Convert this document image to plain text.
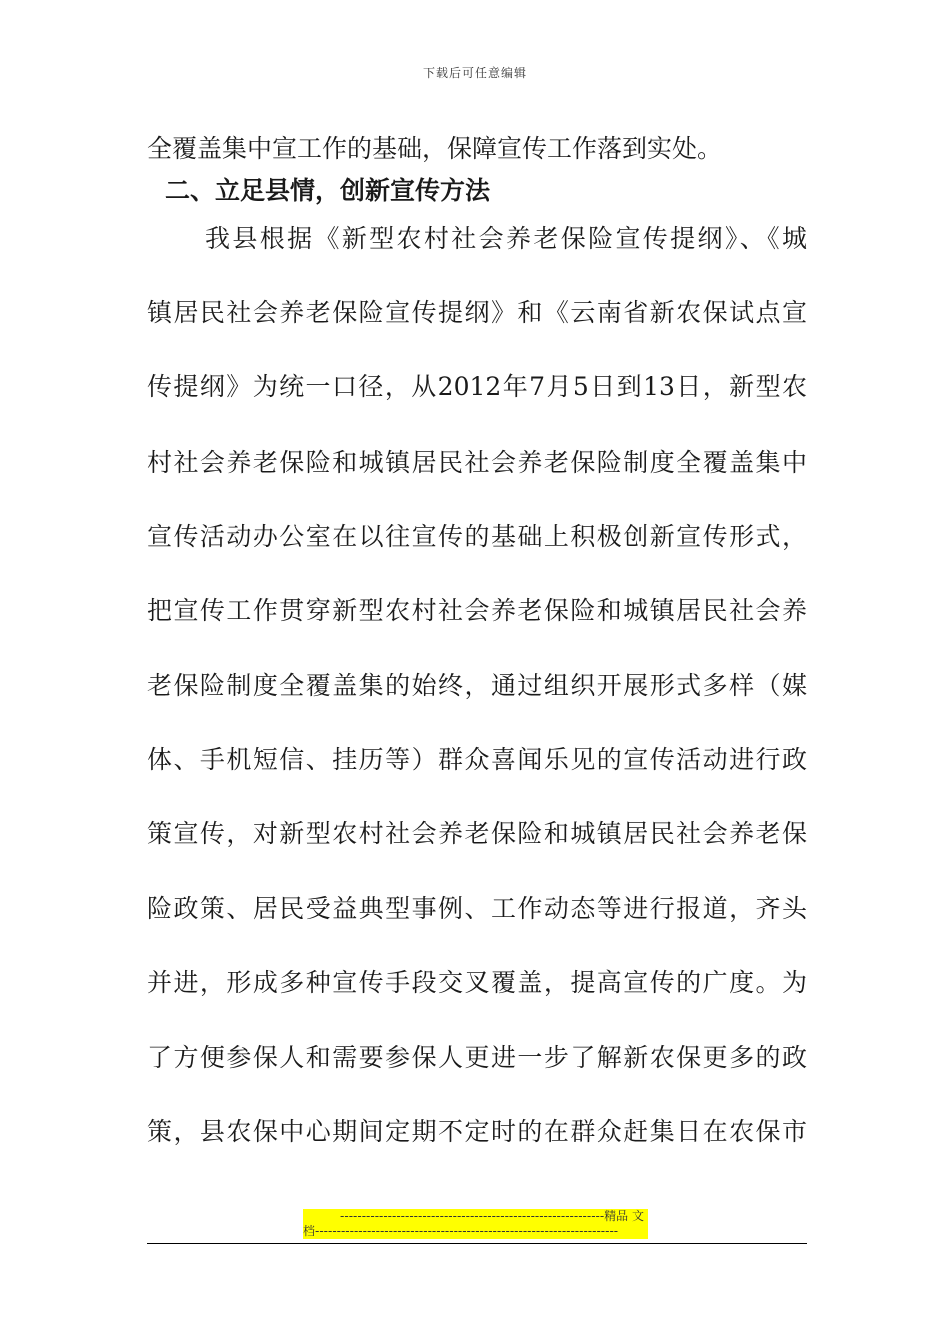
下载后可任意编辑
全覆盖集中宣工作的基础，保障宣传工作落到实处。
二、立足县情，创新宣传方法
我县根据《新型农村社会养老保险宣传提纲》、《城
镇居民社会养老保险宣传提纲》和《云南省新农保试点宣
传提纲》为统一口径，从2012年7月5日到13日，新型农
村社会养老保险和城镇居民社会养老保险制度全覆盖集中
宣传活动办公室在以往宣传的基础上积极创新宣传形式，
把宣传工作贯穿新型农村社会养老保险和城镇居民社会养
老保险制度全覆盖集的始终，通过组织开展形式多样（媒
体、手机短信、挂历等）群众喜闻乐见的宣传活动进行政
策宣传，对新型农村社会养老保险和城镇居民社会养老保
险政策、居民受益典型事例、工作动态等进行报道，齐头
并进，形成多种宣传手段交叉覆盖，提高宣传的广度。为
了方便参保人和需要参保人更进一步了解新农保更多的政
策，县农保中心期间定期不定时的在群众赶集日在农保市
-------------------------------------------------------------精品 文
档----------------------------------------------------------------------
